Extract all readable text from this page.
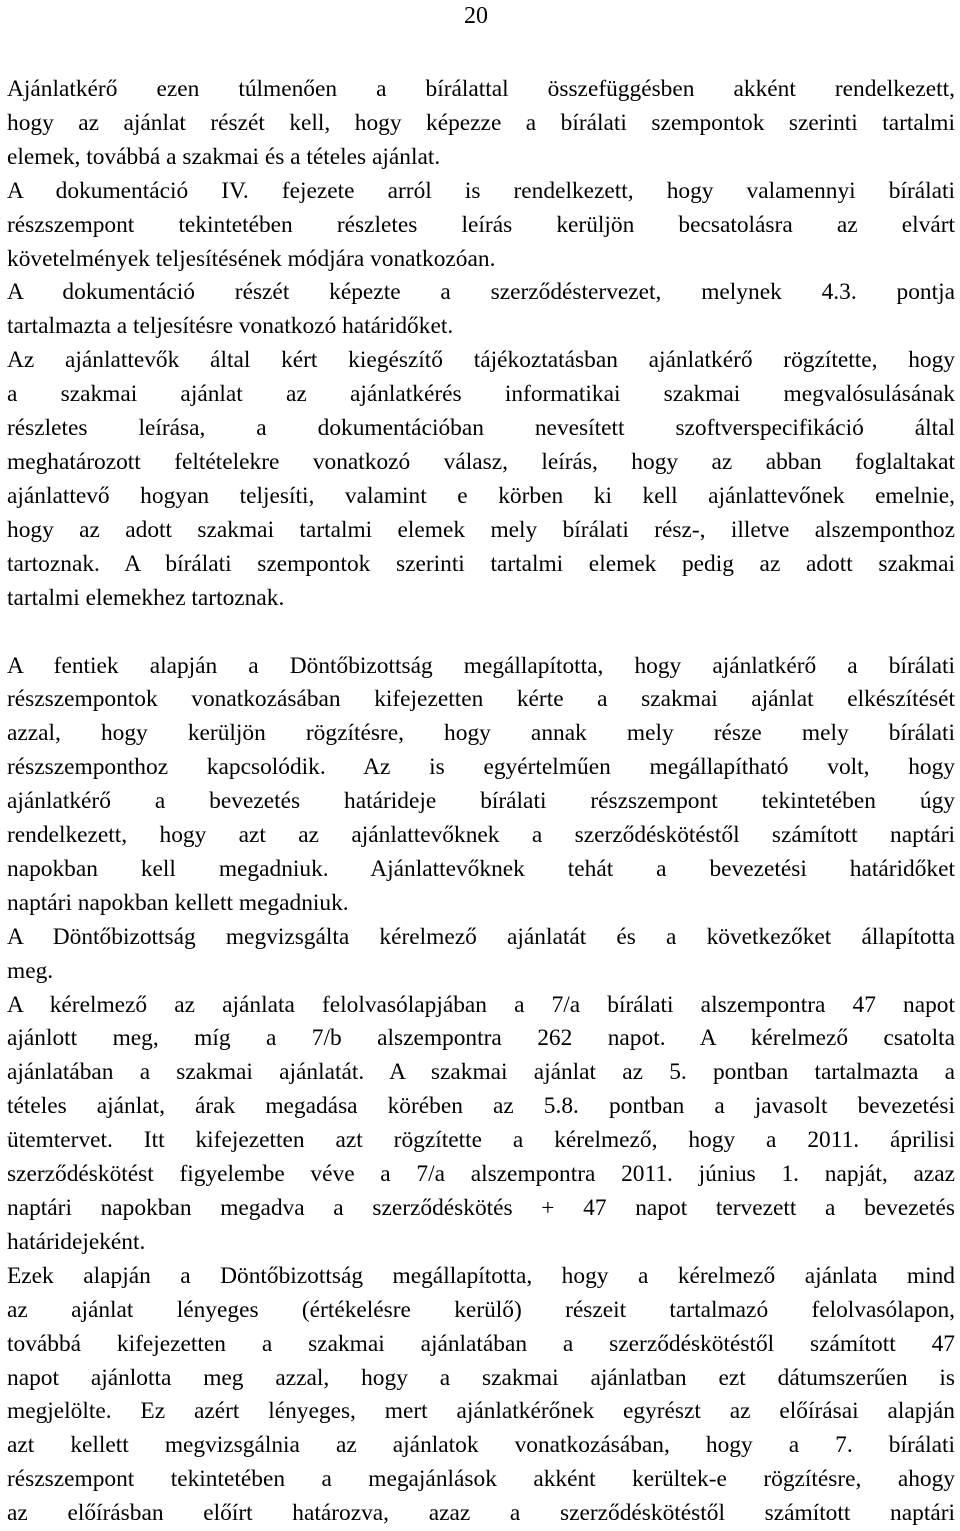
20
Ajánlatkérő ezen túlmenően a bírálattal összefüggésben akként rendelkezett,
hogy az ajánlat részét kell, hogy képezze a bírálati szempontok szerinti tartalmi
elemek, továbbá a szakmai és a tételes ajánlat.
A dokumentáció IV. fejezete arról is rendelkezett, hogy valamennyi bírálati
részszempont tekintetében részletes leírás kerüljön becsatolásra az elvárt
követelmények teljesítésének módjára vonatkozóan.
A dokumentáció részét képezte a szerződéstervezet, melynek 4.3. pontja
tartalmazta a teljesítésre vonatkozó határidőket.
Az ajánlattevők által kért kiegészítő tájékoztatásban ajánlatkérő rögzítette, hogy
a szakmai ajánlat az ajánlatkérés informatikai szakmai megvalósulásának
részletes leírása, a dokumentációban nevesített szoftverspecifikáció által
meghatározott feltételekre vonatkozó válasz, leírás, hogy az abban foglaltakat
ajánlattevő hogyan teljesíti, valamint e körben ki kell ajánlattevőnek emelnie,
hogy az adott szakmai tartalmi elemek mely bírálati rész-, illetve alszemponthoz
tartoznak. A bírálati szempontok szerinti tartalmi elemek pedig az adott szakmai
tartalmi elemekhez tartoznak.
A fentiek alapján a Döntőbizottság megállapította, hogy ajánlatkérő a bírálati
részszempontok vonatkozásában kifejezetten kérte a szakmai ajánlat elkészítését
azzal, hogy kerüljön rögzítésre, hogy annak mely része mely bírálati
részszemponthoz kapcsolódik. Az is egyértelműen megállapítható volt, hogy
ajánlatkérő a bevezetés határideje bírálati részszempont tekintetében úgy
rendelkezett, hogy azt az ajánlattevőknek a szerződéskötéstől számított naptári
napokban kell megadniuk. Ajánlattevőknek tehát a bevezetési határidőket
naptári napokban kellett megadniuk.
A Döntőbizottság megvizsgálta kérelmező ajánlatát és a következőket állapította
meg.
A kérelmező az ajánlata felolvasólapjában a 7/a bírálati alszempontra 47 napot
ajánlott meg, míg a 7/b alszempontra 262 napot. A kérelmező csatolta
ajánlatában a szakmai ajánlatát. A szakmai ajánlat az 5. pontban tartalmazta a
tételes ajánlat, árak megadása körében az 5.8. pontban a javasolt bevezetési
ütemtervet. Itt kifejezetten azt rögzítette a kérelmező, hogy a 2011. áprilisi
szerződéskötést figyelembe véve a 7/a alszempontra 2011. június 1. napját, azaz
naptári napokban megadva a szerződéskötés + 47 napot tervezett a bevezetés
határidejeként.
Ezek alapján a Döntőbizottság megállapította, hogy a kérelmező ajánlata mind
az ajánlat lényeges (értékelésre kerülő) részeit tartalmazó felolvasólapon,
továbbá kifejezetten a szakmai ajánlatában a szerződéskötéstől számított 47
napot ajánlotta meg azzal, hogy a szakmai ajánlatban ezt dátumszerűen is
megjelölte. Ez azért lényeges, mert ajánlatkérőnek egyrészt az előírásai alapján
azt kellett megvizsgálnia az ajánlatok vonatkozásában, hogy a 7. bírálati
részszempont tekintetében a megajánlások akként kerültek-e rögzítésre, ahogy
az előírásban előírt határozva, azaz a szerződéskötéstől számított naptári
